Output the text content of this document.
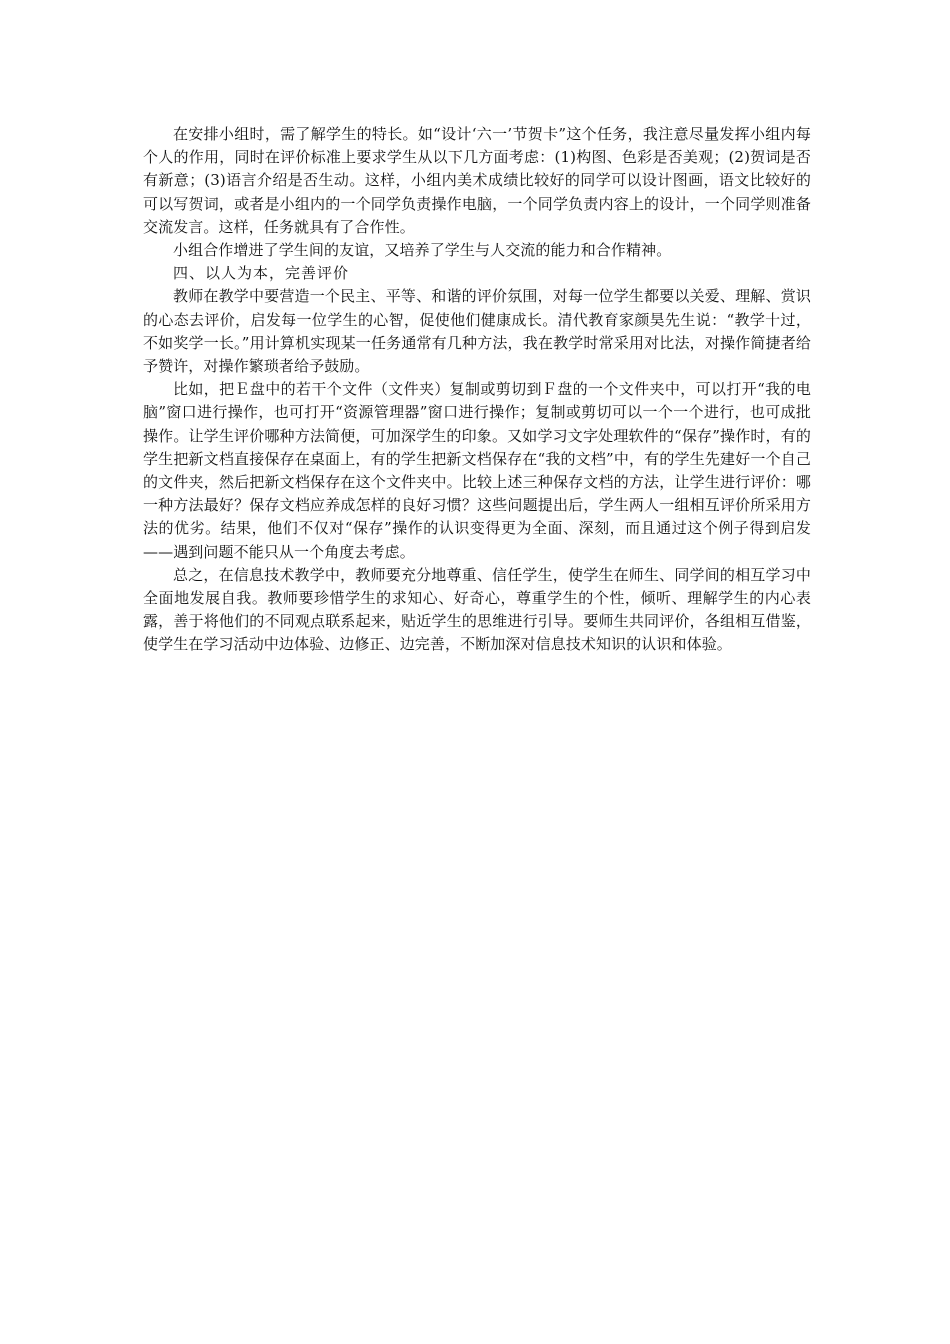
在安排小组时，需了解学生的特长。如“设计‘六一’节贺卡”这个任务，我注意尽量发挥小组内每个人的作用，同时在评价标准上要求学生从以下几方面考虑：(1)构图、色彩是否美观；(2)贺词是否有新意；(3)语言介绍是否生动。这样，小组内美术成绩比较好的同学可以设计图画，语文比较好的可以写贺词，或者是小组内的一个同学负责操作电脑，一个同学负责内容上的设计，一个同学则准备交流发言。这样，任务就具有了合作性。

小组合作增进了学生间的友谊，又培养了学生与人交流的能力和合作精神。

四、以人为本，完善评价

教师在教学中要营造一个民主、平等、和谐的评价氛围，对每一位学生都要以关爱、理解、赏识的心态去评价，启发每一位学生的心智，促使他们健康成长。清代教育家颜昊先生说：“教学十过，不如奖学一长。”用计算机实现某一任务通常有几种方法，我在教学时常采用对比法，对操作简捷者给予赞许，对操作繁琐者给予鼓励。

比如，把Ｅ盘中的若干个文件（文件夹）复制或剪切到Ｆ盘的一个文件夹中，可以打开“我的电脑”窗口进行操作，也可打开“资源管理器”窗口进行操作；复制或剪切可以一个一个进行，也可成批操作。让学生评价哪种方法简便，可加深学生的印象。又如学习文字处理软件的“保存”操作时，有的学生把新文档直接保存在桌面上，有的学生把新文档保存在“我的文档”中，有的学生先建好一个自己的文件夹，然后把新文档保存在这个文件夹中。比较上述三种保存文档的方法，让学生进行评价：哪一种方法最好？保存文档应养成怎样的良好习惯？这些问题提出后，学生两人一组相互评价所采用方法的优劣。结果，他们不仅对“保存”操作的认识变得更为全面、深刻，而且通过这个例子得到启发——遇到问题不能只从一个角度去考虑。

总之，在信息技术教学中，教师要充分地尊重、信任学生，使学生在师生、同学间的相互学习中全面地发展自我。教师要珍惜学生的求知心、好奇心，尊重学生的个性，倾听、理解学生的内心表露，善于将他们的不同观点联系起来，贴近学生的思维进行引导。要师生共同评价，各组相互借鉴，使学生在学习活动中边体验、边修正、边完善，不断加深对信息技术知识的认识和体验。
